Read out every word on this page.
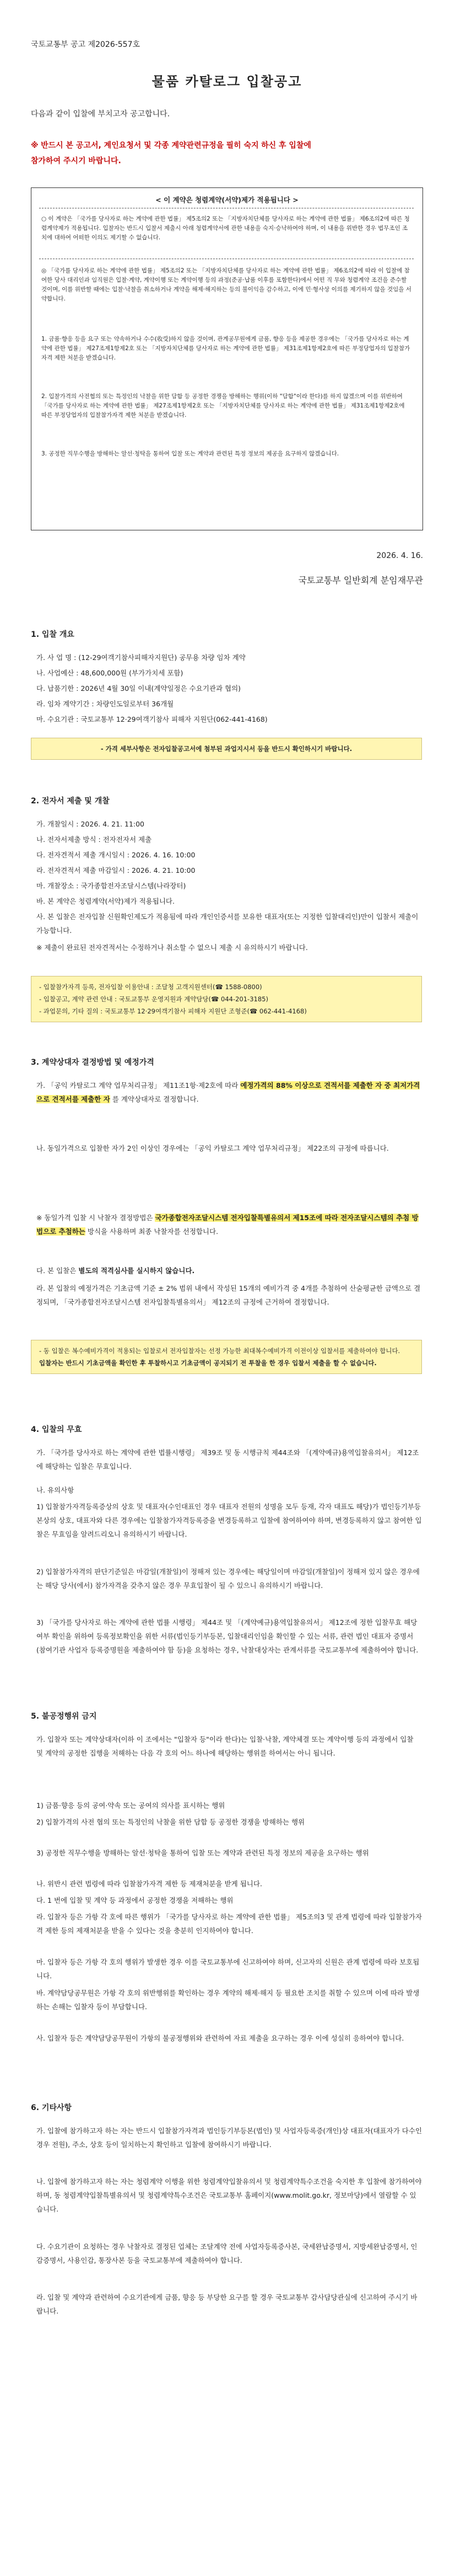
국토교통부 공고 제2026-557호
물품 카탈로그 입찰공고
다음과 같이 입찰에 부치고자 공고합니다.
※ 반드시 본 공고서, 계인요청서 및 각종 계약관련규정을 필히 숙지 하신 후 입찰에
참가하여 주시기 바랍니다.
< 이 계약은 청렴계약(서약)제가 적용됩니다 >
○ 이 계약은 「국가를 당사자로 하는 계약에 관한 법률」 제5조의2 또는 「지방자치단체를 당사자로 하는 계약에 관한 법률」 제6조의2에 따른 청렴계약제가 적용됩니다. 입찰자는 반드시 입찰서 제출시 아래 청렴계약서에 관한 내용을 숙지·승낙하여야 하며, 이 내용을 위반한 경우 법무조인 조치에 대하여 어떠한 이의도 제기할 수 없습니다.
◎ 「국가를 당사자로 하는 계약에 관한 법률」 제5조의2 또는 「지방자치단체를 당사자로 하는 계약에 관한 법률」 제6조의2에 따라 이 입찰에 참여한 당사 대리인과 임직원은 입찰·계약, 계약이행 또는 계약이행 등의 과정(준공·납품 이후를 포함한다)에서 어떤 직 무와 청렴계약 조건을 준수할 것이며, 이를 위반할 때에는 입찰·낙찰을 취소하거나 계약을 해제·해지하는 등의 불이익을 감수하고, 이에 민·형사상 이의를 제기하지 않을 것임을 서약합니다.
1. 금품·향응 등을 요구 또는 약속하거나 수수(收受)하지 않을 것이며, 관계공무원에게 금품, 향응 등을 제공한 경우에는 「국가를 당사자로 하는 계약에 관한 법률」 제27조제1항제2호 또는 「지방자치단체를 당사자로 하는 계약에 관한 법률」 제31조제1항제2호에 따른 부정당업자의 입찰참가자격 제한 처분을 받겠습니다.
2. 입찰가격의 사전협의 또는 특정인의 낙찰을 위한 담합 등 공정한 경쟁을 방해하는 행위(이하 "담합"이라 한다)를 하지 않겠으며 이를 위반하여 「국가를 당사자로 하는 계약에 관한 법률」 제27조제1항제2호 또는 「지방자치단체를 당사자로 하는 계약에 관한 법률」 제31조제1항제2호에 따른 부정당업자의 입찰참가자격 제한 처분을 받겠습니다.
3. 공정한 직무수행을 방해하는 알선·청탁을 통하여 입찰 또는 계약과 관련된 특정 정보의 제공을 요구하지 않겠습니다.
2026. 4. 16.
국토교통부 일반회계 분임재무관
1. 입찰 개요
가. 사 업 명 : (12-29여객기참사피해자지원단) 공무용 차량 임차 계약
나. 사업예산 : 48,600,000원 (부가가치세 포함)
다. 납품기한 : 2026년 4월 30일 이내(계약일정은 수요기관과 협의)
라. 임차 계약기간 : 차량인도일로부터 36개월
마. 수요기관 : 국토교통부 12·29여객기참사 피해자 지원단(062-441-4168)
- 가격 세부사항은 전자입찰공고서에 첨부된 과업지시서 등을 반드시 확인하시기 바랍니다.
2. 전자서 제출 및 개찰
가. 개찰일시 : 2026. 4. 21. 11:00
나. 전자서제출 방식 : 전자전자서 제출
다. 전자견적서 제출 개시일시 : 2026. 4. 16. 10:00
라. 전자견적서 제출 마감일시 : 2026. 4. 21. 10:00
마. 개찰장소 : 국가종합전자조달시스템(나라장터)
바. 본 계약은 청렴계약(서약)제가 적용됩니다.
사. 본 입찰은 전자입찰 신원확인제도가 적용됨에 따라 개인인증서를 보유한 대표자(또는 지정한 입찰대리인)만이 입찰서 제출이 가능합니다.
※ 제출이 완료된 전자견적서는 수정하거나 취소할 수 없으니 제출 시 유의하시기 바랍니다.
- 입찰참가자격 등록, 전자입찰 이용안내 : 조달청 고객지원센터(☎ 1588-0800)
- 입찰공고, 계약 관련 안내 : 국토교통부 운영지원과 계약담당(☎ 044-201-3185)
- 과업문의, 기타 질의 : 국토교통부 12·29여객기참사 피해자 지원단 조형준(☎ 062-441-4168)
3. 계약상대자 결정방법 및 예정가격
가. 「공익 카탈로그 계약 업무처리규정」 제11조1항·제2호에 따라 예정가격의 88% 이상으로 견적서를 제출한 자 중 최저가격으로 견적서를 제출한 자 를 계약상대자로 결정합니다.
나. 동일가격으로 입찰한 자가 2인 이상인 경우에는 「공익 카탈로그 계약 업무처리규정」 제22조의 규정에 따릅니다.
※ 동일가격 입찰 시 낙찰자 결정방법은 국가종합전자조달시스템 전자입찰특별유의서 제15조에 따라 전자조달시스템의 추첨 방법으로 추첨하는 방식을 사용하며 최종 낙찰자를 선정합니다.
다. 본 입찰은 별도의 적격심사를 실시하지 않습니다.
라. 본 입찰의 예정가격은 기초금액 기준 ± 2% 범위 내에서 작성된 15개의 예비가격 중 4개를 추첨하여 산술평균한 금액으로 결정되며, 「국가종합전자조달시스템 전자입찰특별유의서」 제12조의 규정에 근거하여 결정합니다.
- 동 입찰은 복수예비가격이 적용되는 입찰로서 전자입찰자는 선정 가능한 최대복수예비가격 이전이상 입찰서를 제출하여야 합니다.
입찰자는 반드시 기초금액을 확인한 후 투찰하시고 기초금액이 공지되기 전 투찰을 한 경우 입찰서 제출을 할 수 없습니다.
4. 입찰의 무효
가. 「국가를 당사자로 하는 계약에 관한 법률시행령」 제39조 및 동 시행규칙 제44조와 「(계약예규)용역입찰유의서」 제12조에 해당하는 입찰은 무효입니다.
나. 유의사항
1) 입찰참가자격등록증상의 상호 및 대표자(수인대표인 경우 대표자 전원의 성명을 모두 등재, 각자 대표도 해당)가 법인등기부등본상의 상호, 대표자와 다른 경우에는 입찰참가자격등록증을 변경등록하고 입찰에 참여하여야 하며, 변경등록하지 않고 참여한 입찰은 무효임을 알려드리오니 유의하시기 바랍니다.
2) 입찰참가자격의 판단기준일은 마감일(개찰일)이 정해져 있는 경우에는 해당일이며 마감일(개찰일)이 정해져 있지 않은 경우에는 해당 당사(에서) 참가자격을 갖추지 않은 경우 무효입찰이 될 수 있으니 유의하시기 바랍니다.
3) 「국가를 당사자로 하는 계약에 관한 법률 시행령」 제44조 및 「(계약예규)용역입찰유의서」 제12조에 정한 입찰무효 해당여부 확인을 위하여 등록정보확인을 위한 서류(법인등기부등본, 입찰대리인임을 확인할 수 있는 서류, 관련 법인 대표자 증명서(참여기관 사업자 등록증명원을 제출하여야 함 등)을 요청하는 경우, 낙찰대상자는 관계서류를 국토교통부에 제출하여야 합니다.
5. 불공정행위 금지
가. 입찰자 또는 계약상대자(이하 이 조에서는 "입찰자 등"이라 한다)는 입찰·낙찰, 계약체결 또는 계약이행 등의 과정에서 입찰 및 계약의 공정한 집행을 저해하는 다음 각 호의 어느 하나에 해당하는 행위를 하여서는 아니 됩니다.
1) 금품·향응 등의 공여·약속 또는 공여의 의사를 표시하는 행위
2) 입찰가격의 사전 협의 또는 특정인의 낙찰을 위한 담합 등 공정한 경쟁을 방해하는 행위
3) 공정한 직무수행을 방해하는 알선·청탁을 통하여 입찰 또는 계약과 관련된 특정 정보의 제공을 요구하는 행위
나. 위반시 관련 법령에 따라 입찰참가자격 제한 등 제재처분을 받게 됩니다.
다. 1 번에 입찰 및 계약 등 과정에서 공정한 경쟁을 저해하는 행위
라. 입찰자 등은 가항 각 호에 따른 행위가 「국가를 당사자로 하는 계약에 관한 법률」 제5조의3 및 관계 법령에 따라 입찰참가자격 제한 등의 제재처분을 받을 수 있다는 것을 충분히 인지하여야 합니다.
마. 입찰자 등은 가항 각 호의 행위가 발생한 경우 이를 국토교통부에 신고하여야 하며, 신고자의 신원은 관계 법령에 따라 보호됩니다.
바. 계약담당공무원은 가항 각 호의 위반행위를 확인하는 경우 계약의 해제·해지 등 필요한 조치를 취할 수 있으며 이에 따라 발생하는 손해는 입찰자 등이 부담합니다.
사. 입찰자 등은 계약담당공무원이 가항의 불공정행위와 관련하여 자료 제출을 요구하는 경우 이에 성실히 응하여야 합니다.
6. 기타사항
가. 입찰에 참가하고자 하는 자는 반드시 입찰참가자격과 법인등기부등본(법인) 및 사업자등록증(개인)상 대표자(대표자가 다수인 경우 전원), 주소, 상호 등이 일치하는지 확인하고 입찰에 참여하시기 바랍니다.
나. 입찰에 참가하고자 하는 자는 청렴계약 이행을 위한 청렴계약입찰유의서 및 청렴계약특수조건을 숙지한 후 입찰에 참가하여야 하며, 동 청렴계약입찰특별유의서 및 청렴계약특수조건은 국토교통부 홈페이지(www.molit.go.kr, 정보마당)에서 열람할 수 있습니다.
다. 수요기관이 요청하는 경우 낙찰자로 결정된 업체는 조달계약 전에 사업자등록증사본, 국세완납증명서, 지방세완납증명서, 인감증명서, 사용인감, 통장사본 등을 국토교통부에 제출하여야 합니다.
라. 입찰 및 계약과 관련하여 수요기관에게 금품, 향응 등 부당한 요구를 할 경우 국토교통부 감사담당관실에 신고하여 주시기 바랍니다.
